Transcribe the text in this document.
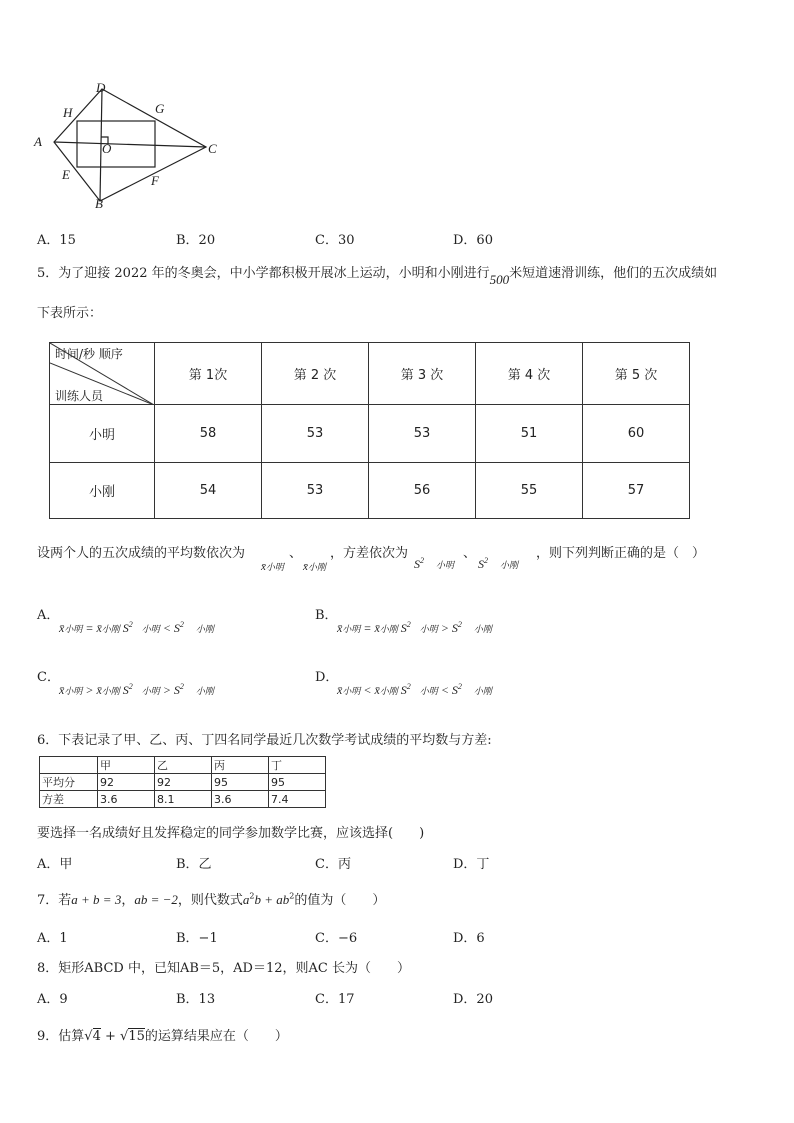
A
D
H	G
O	C
E	F
B
A．15	B．20	C．30	D．60
5．为了迎接 2022 年的冬奥会，中小学都积极开展冰上运动，小明和小刚进行500米短道速滑训练，他们的五次成绩如
下表所示：
时间/秒 顺序
训练人员	第 1次	第 2 次	第 3 次	第 4 次	第 5 次
小明	58	53	53	51	60
小刚	54	53	56	55	57
设两个人的五次成绩的平均数依次为	、 ，方差依次为	、	，则下列判断正确的是（　）
x̄小明 x̄小刚	$S^2$ 小明 $S^2$ 小刚
A．
x̄小明 = x̄小刚 $S^2$ 小明 < $S^2$ 小刚
B．
x̄小明 = x̄小刚 $S^2$ 小明 > $S^2$ 小刚
C．
x̄小明 > x̄小刚 $S^2$ 小明 > $S^2$ 小刚
D．
x̄小明 < x̄小刚 $S^2$ 小明 < $S^2$ 小刚
6．下表记录了甲、乙、丙、丁四名同学最近几次数学考试成绩的平均数与方差:
	甲	乙	丙	丁
平均分	92	92	95	95
方差	3.6	8.1	3.6	7.4
要选择一名成绩好且发挥稳定的同学参加数学比赛，应该选择(　　)
A．甲	B．乙	C．丙	D．丁
7．若a + b = 3，ab = −2，则代数式$a^2b + ab^2$的值为（　　）
A．1	B．−1	C．−6	D．6
8．矩形ABCD 中，已知AB＝5，AD＝12，则AC 长为（　　）
A．9	B．13	C．17	D．20
9．估算√4 + √15的运算结果应在（　　）
